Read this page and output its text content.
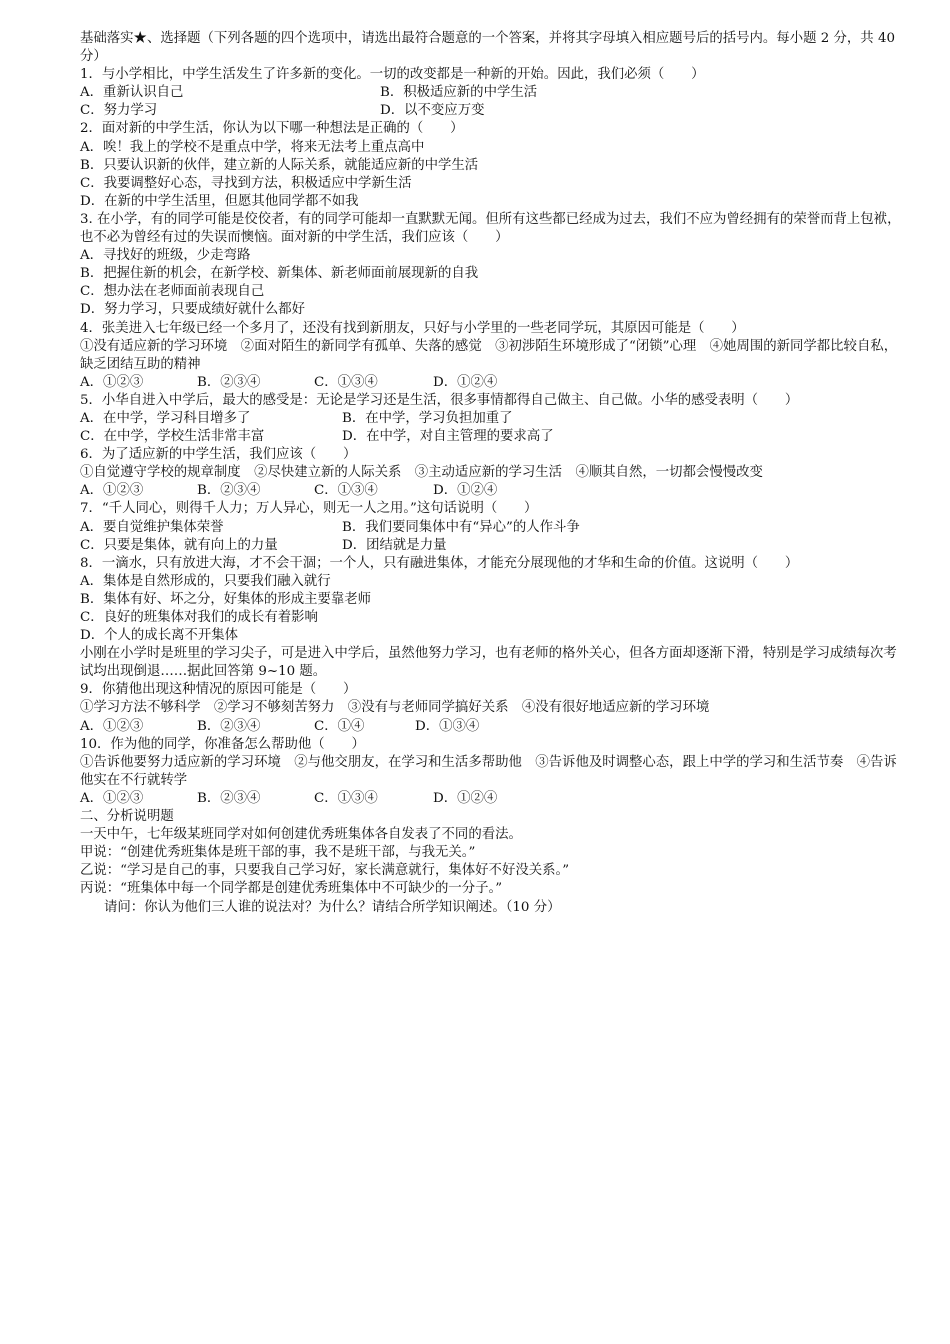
基础落实★、选择题（下列各题的四个选项中，请选出最符合题意的一个答案，并将其字母填入相应题号后的括号内。每小题 2 分，共 40 分）
1．与小学相比，中学生活发生了许多新的变化。一切的改变都是一种新的开始。因此，我们必须（　　）
A．重新认识自己	B．积极适应新的中学生活
C．努力学习	D．以不变应万变
2．面对新的中学生活，你认为以下哪一种想法是正确的（　　）
A．唉！我上的学校不是重点中学，将来无法考上重点高中
B．只要认识新的伙伴，建立新的人际关系，就能适应新的中学生活
C．我要调整好心态，寻找到方法，积极适应中学新生活
D．在新的中学生活里，但愿其他同学都不如我
3. 在小学，有的同学可能是佼佼者，有的同学可能却一直默默无闻。但所有这些都已经成为过去，我们不应为曾经拥有的荣誉而背上包袱，也不必为曾经有过的失误而懊恼。面对新的中学生活，我们应该（　　）
A．寻找好的班级，少走弯路
B．把握住新的机会，在新学校、新集体、新老师面前展现新的自我
C．想办法在老师面前表现自己
D．努力学习，只要成绩好就什么都好
4．张美进入七年级已经一个多月了，还没有找到新朋友，只好与小学里的一些老同学玩，其原因可能是（　　）
①没有适应新的学习环境　②面对陌生的新同学有孤单、失落的感觉　③初涉陌生环境形成了“闭锁”心理　④她周围的新同学都比较自私，缺乏团结互助的精神
A．①②③	B．②③④	C．①③④	D．①②④
5．小华自进入中学后，最大的感受是：无论是学习还是生活，很多事情都得自己做主、自己做。小华的感受表明（　　）
A．在中学，学习科目增多了	B．在中学，学习负担加重了
C．在中学，学校生活非常丰富	D．在中学，对自主管理的要求高了
6．为了适应新的中学生活，我们应该（　　）
①自觉遵守学校的规章制度　②尽快建立新的人际关系　③主动适应新的学习生活　④顺其自然，一切都会慢慢改变
A．①②③	B．②③④	C．①③④	D．①②④
7．“千人同心，则得千人力；万人异心，则无一人之用。”这句话说明（　　）
A．要自觉维护集体荣誉	B．我们要同集体中有“异心”的人作斗争
C．只要是集体，就有向上的力量	D．团结就是力量
8．一滴水，只有放进大海，才不会干涸；一个人，只有融进集体，才能充分展现他的才华和生命的价值。这说明（　　）
A．集体是自然形成的，只要我们融入就行
B．集体有好、坏之分，好集体的形成主要靠老师
C．良好的班集体对我们的成长有着影响
D．个人的成长离不开集体
小刚在小学时是班里的学习尖子，可是进入中学后，虽然他努力学习，也有老师的格外关心，但各方面却逐渐下滑，特别是学习成绩每次考试均出现倒退……据此回答第 9~10 题。
9．你猜他出现这种情况的原因可能是（　　）
①学习方法不够科学　②学习不够刻苦努力　③没有与老师同学搞好关系　④没有很好地适应新的学习环境
A．①②③	B．②③④	C．①④	D．①③④
10．作为他的同学，你准备怎么帮助他（　　）
①告诉他要努力适应新的学习环境　②与他交朋友，在学习和生活多帮助他　③告诉他及时调整心态，跟上中学的学习和生活节奏　④告诉他实在不行就转学
A．①②③	B．②③④	C．①③④	D．①②④
二、分析说明题
一天中午，七年级某班同学对如何创建优秀班集体各自发表了不同的看法。
甲说：“创建优秀班集体是班干部的事，我不是班干部，与我无关。”
乙说：“学习是自己的事，只要我自己学习好，家长满意就行，集体好不好没关系。”
丙说：“班集体中每一个同学都是创建优秀班集体中不可缺少的一分子。”
请问：你认为他们三人谁的说法对？为什么？请结合所学知识阐述。（10 分）
